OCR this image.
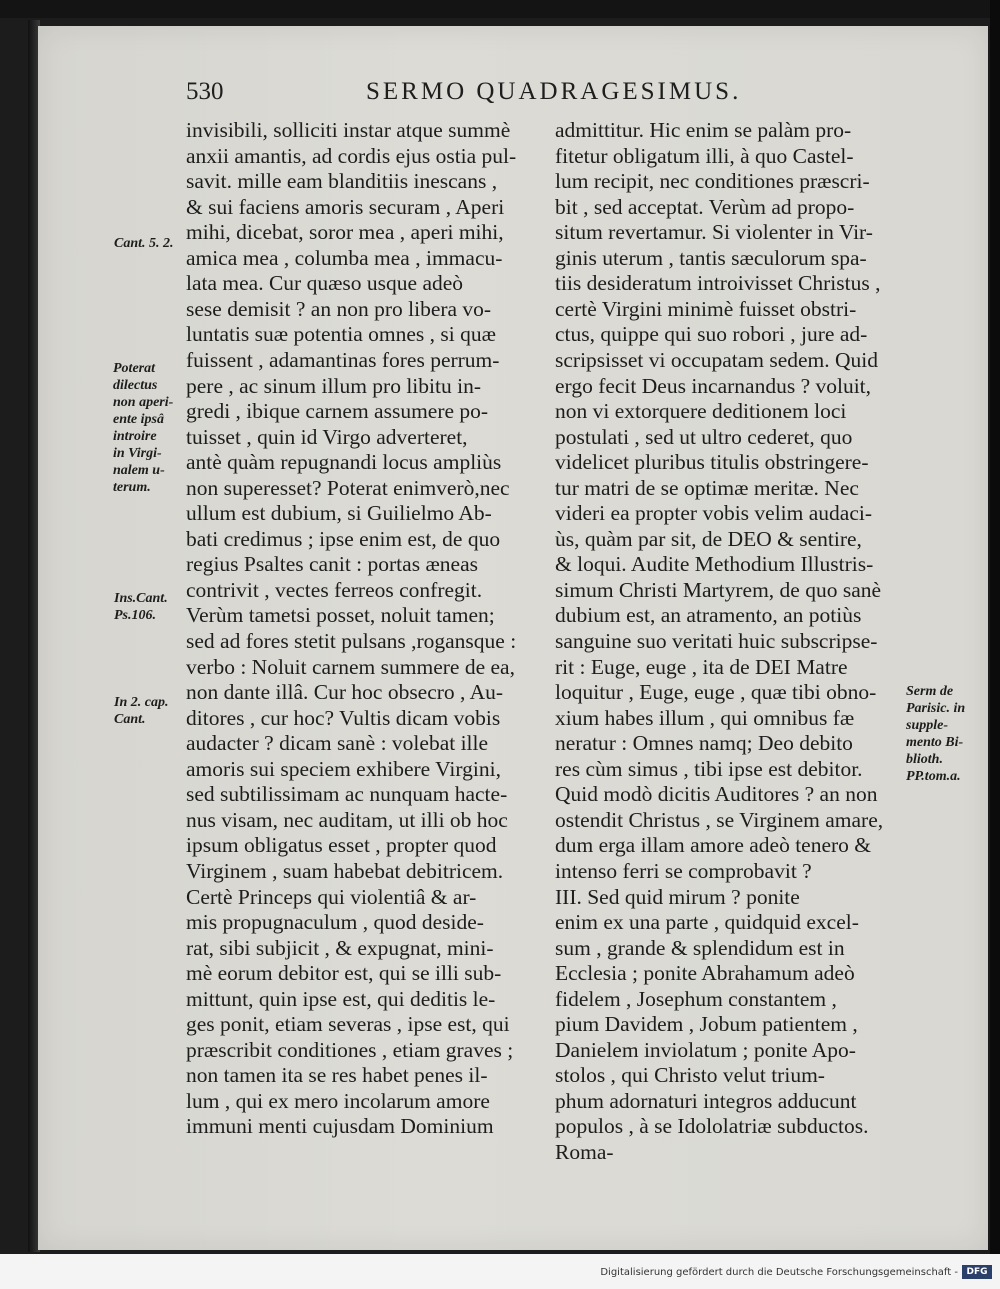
530	SERMO QUADRAGESIMUS.
invisibili, solliciti instar atque summè
anxii amantis, ad cordis ejus ostia pul-
savit. mille eam blanditiis inescans ,
& sui faciens amoris securam , Aperi
mihi, dicebat, soror mea , aperi mihi,
amica mea , columba mea , immacu-
lata mea. Cur quæso usque adeò
sese demisit ? an non pro libera vo-
luntatis suæ potentia omnes , si quæ
fuissent , adamantinas fores perrum-
pere , ac sinum illum pro libitu in-
gredi , ibique carnem assumere po-
tuisset , quin id Virgo adverteret,
antè quàm repugnandi locus ampliùs
non superesset? Poterat enimverò,nec
ullum est dubium, si Guilielmo Ab-
bati credimus ; ipse enim est, de quo
regius Psaltes canit : portas æneas
contrivit , vectes ferreos confregit.
Verùm tametsi posset, noluit tamen;
sed ad fores stetit pulsans ,rogansque :
verbo : Noluit carnem summere de ea,
non dante illâ. Cur hoc obsecro , Au-
ditores , cur hoc? Vultis dicam vobis
audacter ? dicam sanè : volebat ille
amoris sui speciem exhibere Virgini,
sed subtilissimam ac nunquam hacte-
nus visam, nec auditam, ut illi ob hoc
ipsum obligatus esset , propter quod
Virginem , suam habebat debitricem.
Certè Princeps qui violentiâ & ar-
mis propugnaculum , quod deside-
rat, sibi subjicit , & expugnat, mini-
mè eorum debitor est, qui se illi sub-
mittunt, quin ipse est, qui deditis le-
ges ponit, etiam severas , ipse est, qui
præscribit conditiones , etiam graves ;
non tamen ita se res habet penes il-
lum , qui ex mero incolarum amore
immuni menti cujusdam Dominium
admittitur. Hic enim se palàm pro-
fitetur obligatum illi, à quo Castel-
lum recipit, nec conditiones præscri-
bit , sed acceptat. Verùm ad propo-
situm revertamur. Si violenter in Vir-
ginis uterum , tantis sæculorum spa-
tiis desideratum introivisset Christus ,
certè Virgini minimè fuisset obstri-
ctus, quippe qui suo robori , jure ad-
scripsisset vi occupatam sedem. Quid
ergo fecit Deus incarnandus ? voluit,
non vi extorquere deditionem loci
postulati , sed ut ultro cederet, quo
videlicet pluribus titulis obstringere-
tur matri de se optimæ meritæ. Nec
videri ea propter vobis velim audaci-
ùs, quàm par sit, de DEO & sentire,
& loqui. Audite Methodium Illustris-
simum Christi Martyrem, de quo sanè
dubium est, an atramento, an potiùs
sanguine suo veritati huic subscripse-
rit : Euge, euge , ita de DEI Matre
loquitur , Euge, euge , quæ tibi obno-
xium habes illum , qui omnibus fæ
neratur : Omnes namq; Deo debito
res cùm simus , tibi ipse est debitor.
Quid modò dicitis Auditores ? an non
ostendit Christus , se Virginem amare,
dum erga illam amore adeò tenero &
intenso ferri se comprobavit ?
III. Sed quid mirum ? ponite
enim ex una parte , quidquid excel-
sum , grande & splendidum est in
Ecclesia ; ponite Abrahamum adeò
fidelem , Josephum constantem ,
pium Davidem , Jobum patientem ,
Danielem inviolatum ; ponite Apo-
stolos , qui Christo velut trium-
phum adornaturi integros adducunt
populos , à se Idololatriæ subductos.
Roma-
Cant. 5. 2.
Poterat
dilectus
non aperi-
ente ipsâ
introire
in Virgi-
nalem u-
terum.
Ins.Cant.
Ps.106.
In 2. cap.
Cant.
Serm de
Parisic. in
supple-
mento Bi-
blioth.
PP.tom.a.
Digitalisierung gefördert durch die Deutsche Forschungsgemeinschaft - DFG
